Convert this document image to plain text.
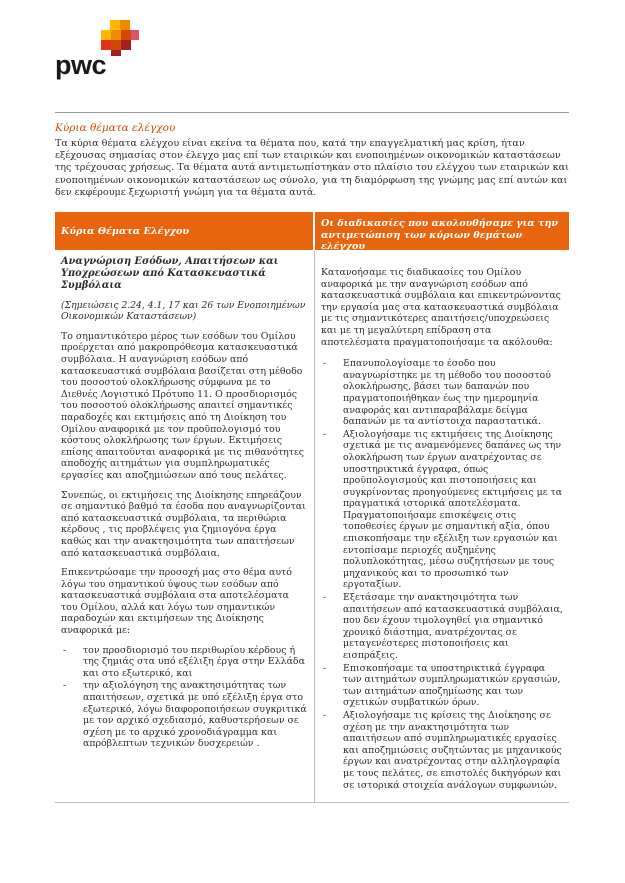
pwc
Κύρια θέματα ελέγχου

Τα κύρια θέματα ελέγχου είναι εκείνα τα θέματα που, κατά την επαγγελματική μας κρίση, ήταν εξέχουσας σημασίας στον έλεγχο μας επί των εταιρικών και ενοποιημένων οικονομικών καταστάσεων της τρέχουσας χρήσεως. Τα θέματα αυτά αντιμετωπίστηκαν στο πλαίσιο του ελέγχου των εταιρικών και ενοποιημένων οικονομικών καταστάσεων ως σύνολο, για τη διαμόρφωση της γνώμης μας επί αυτών και δεν εκφέρουμε ξεχωριστή γνώμη για τα θέματα αυτά.

Κύρια Θέματα Ελέγχου
Οι διαδικασίες που ακολουθήσαμε για την αντιμετώπιση των κύριων θεμάτων ελέγχου

Αναγνώριση Εσόδων, Απαιτήσεων και Υποχρεώσεων από Κατασκευαστικά Συμβόλαια

(Σημειώσεις 2.24, 4.1, 17 και 26 των Ενοποιημένων Οικονομικών Καταστάσεων)

Το σημαντικότερο μέρος των εσόδων του Ομίλου προέρχεται από μακροπρόθεσμα κατασκευαστικά συμβόλαια. Η αναγνώριση εσόδων από κατασκευαστικά συμβόλαια βασίζεται στη μέθοδο του ποσοστού ολοκλήρωσης σύμφωνα με το Διεθνές Λογιστικό Πρότυπο 11. Ο προσδιορισμός του ποσοστού ολοκλήρωσης απαιτεί σημαντικές παραδοχές και εκτιμήσεις από τη Διοίκηση του Ομίλου αναφορικά με τον προϋπολογισμό του κόστους ολοκλήρωσης των έργων. Εκτιμήσεις επίσης απαιτούνται αναφορικά με τις πιθανότητες αποδοχής αιτημάτων για συμπληρωματικές εργασίες και αποζημιώσεων από τους πελάτες.

Συνεπώς, οι εκτιμήσεις της Διοίκησης επηρεάζουν σε σημαντικό βαθμό τα έσοδα που αναγνωρίζονται από κατασκευαστικά συμβόλαια, τα περιθώρια κέρδους , τις προβλέψεις για ζημιογόνα έργα καθώς και την ανακτησιμότητα των απαιτήσεων από κατασκευαστικά συμβόλαια.

Επικεντρώσαμε την προσοχή μας στο θέμα αυτό λόγω του σημαντικού ύψους των εσόδων από κατασκευαστικά συμβόλαια στα αποτελέσματα του Ομίλου, αλλά και λόγω των σημαντικών παραδοχών και εκτιμήσεων της Διοίκησης αναφορικά με:

- τον προσδιορισμό του περιθωρίου κέρδους ή της ζημιάς στα υπό εξέλιξη έργα στην Ελλάδα και στο εξωτερικό, και
- την αξιολόγηση της ανακτησιμότητας των απαιτήσεων, σχετικά με υπό εξέλιξη έργα στο εξωτερικό, λόγω διαφοροποιήσεων συγκριτικά με τον αρχικό σχεδιασμό, καθυστερήσεων σε σχέση με το αρχικό χρονοδιάγραμμα και απρόβλεπτων τεχνικών δυσχερειών .

Κατανοήσαμε τις διαδικασίες του Ομίλου αναφορικά με την αναγνώριση εσόδων από κατασκευαστικά συμβόλαια και επικεντρώνοντας την εργασία μας στα κατασκευαστικά συμβόλαια με τις σημαντικότερες απαιτήσεις/υποχρεώσεις και με τη μεγαλύτερη επίδραση στα αποτελέσματα πραγματοποιήσαμε τα ακόλουθα:

- Επανυπολογίσαμε το έσοδο που αναγνωρίστηκε με τη μέθοδο του ποσοστού ολοκλήρωσης, βάσει των δαπανών που πραγματοποιήθηκαν έως την ημερομηνία αναφοράς και αντιπαραβάλαμε δείγμα δαπανών με τα αντίστοιχα παραστατικά.
- Αξιολογήσαμε τις εκτιμήσεις της Διοίκησης σχετικά με τις αναμενόμενες δαπάνες ως την ολοκλήρωση των έργων ανατρέχοντας σε υποστηρικτικά έγγραφα, όπως προϋπολογισμούς και πιστοποιήσεις και συγκρίνοντας προηγούμενες εκτιμήσεις με τα πραγματικά ιστορικά αποτελέσματα. Πραγματοποιήσαμε επισκέψεις στις τοποθεσίες έργων με σημαντική αξία, όπου επισκοπήσαμε την εξέλιξη των εργασιών και εντοπίσαμε περιοχές αυξημένης πολυπλοκότητας, μέσω συζητήσεων με τους μηχανικούς και το προσωπικό των εργοταξίων.
- Εξετάσαμε την ανακτησιμότητα των απαιτήσεων από κατασκευαστικά συμβόλαια, που δεν έχουν τιμολογηθεί για σημαντικό χρονικό διάστημα, ανατρέχοντας σε μεταγενέστερες πιστοποιήσεις και εισπράξεις.
- Επισκοπήσαμε τα υποστηρικτικά έγγραφα των αιτημάτων συμπληρωματικών εργασιών, των αιτημάτων αποζημίωσης και των σχετικών συμβατικών όρων.
- Αξιολογήσαμε τις κρίσεις της Διοίκησης σε σχέση με την ανακτησιμότητα των απαιτήσεων από συμπληρωματικές εργασίες και αποζημιώσεις συζητώντας με μηχανικούς έργων και ανατρέχοντας στην αλληλογραφία με τους πελάτες, σε επιστολές δικηγόρων και σε ιστορικά στοιχεία ανάλογων συμφωνιών.
